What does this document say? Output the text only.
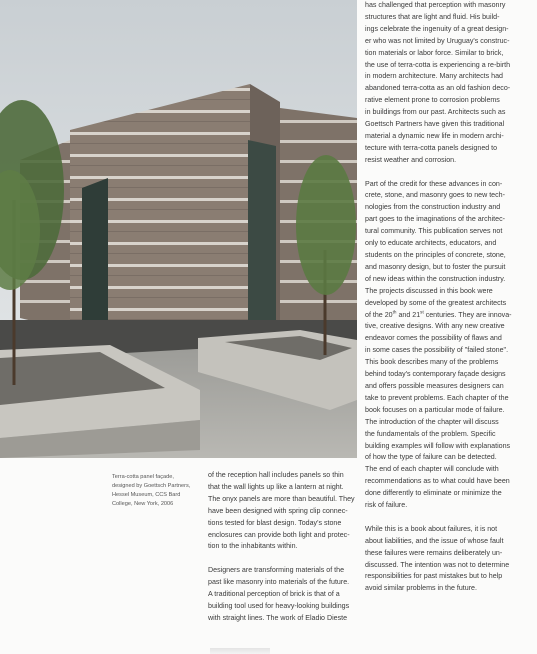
Terra-cotta panel façade,
designed by Goettsch Partners,
Hessel Museum, CCS Bard
College, New York, 2006

of the reception hall includes panels so thin
that the wall lights up like a lantern at night.
The onyx panels are more than beautiful. They
have been designed with spring clip connec-
tions tested for blast design. Today's stone
enclosures can provide both light and protec-
tion to the inhabitants within.

Designers are transforming materials of the
past like masonry into materials of the future.
A traditional perception of brick is that of a
building tool used for heavy-looking buildings
with straight lines. The work of Eladio Dieste

has challenged that perception with masonry
structures that are light and fluid. His build-
ings celebrate the ingenuity of a great design-
er who was not limited by Uruguay's construc-
tion materials or labor force. Similar to brick,
the use of terra-cotta is experiencing a re-birth
in modern architecture. Many architects had
abandoned terra-cotta as an old fashion deco-
rative element prone to corrosion problems
in buildings from our past. Architects such as
Goettsch Partners have given this traditional
material a dynamic new life in modern archi-
tecture with terra-cotta panels designed to
resist weather and corrosion.

Part of the credit for these advances in con-
crete, stone, and masonry goes to new tech-
nologies from the construction industry and
part goes to the imaginations of the architec-
tural community. This publication serves not
only to educate architects, educators, and
students on the principles of concrete, stone,
and masonry design, but to foster the pursuit
of new ideas within the construction industry.
The projects discussed in this book were
developed by some of the greatest architects
of the 20th and 21st centuries. They are innova-
tive, creative designs. With any new creative
endeavor comes the possibility of flaws and
in some cases the possibility of "failed stone".
This book describes many of the problems
behind today's contemporary façade designs
and offers possible measures designers can
take to prevent problems. Each chapter of the
book focuses on a particular mode of failure.
The introduction of the chapter will discuss
the fundamentals of the problem. Specific
building examples will follow with explanations
of how the type of failure can be detected.
The end of each chapter will conclude with
recommendations as to what could have been
done differently to eliminate or minimize the
risk of failure.

While this is a book about failures, it is not
about liabilities, and the issue of whose fault
these failures were remains deliberately un-
discussed. The intention was not to determine
responsibilities for past mistakes but to help
avoid similar problems in the future.
